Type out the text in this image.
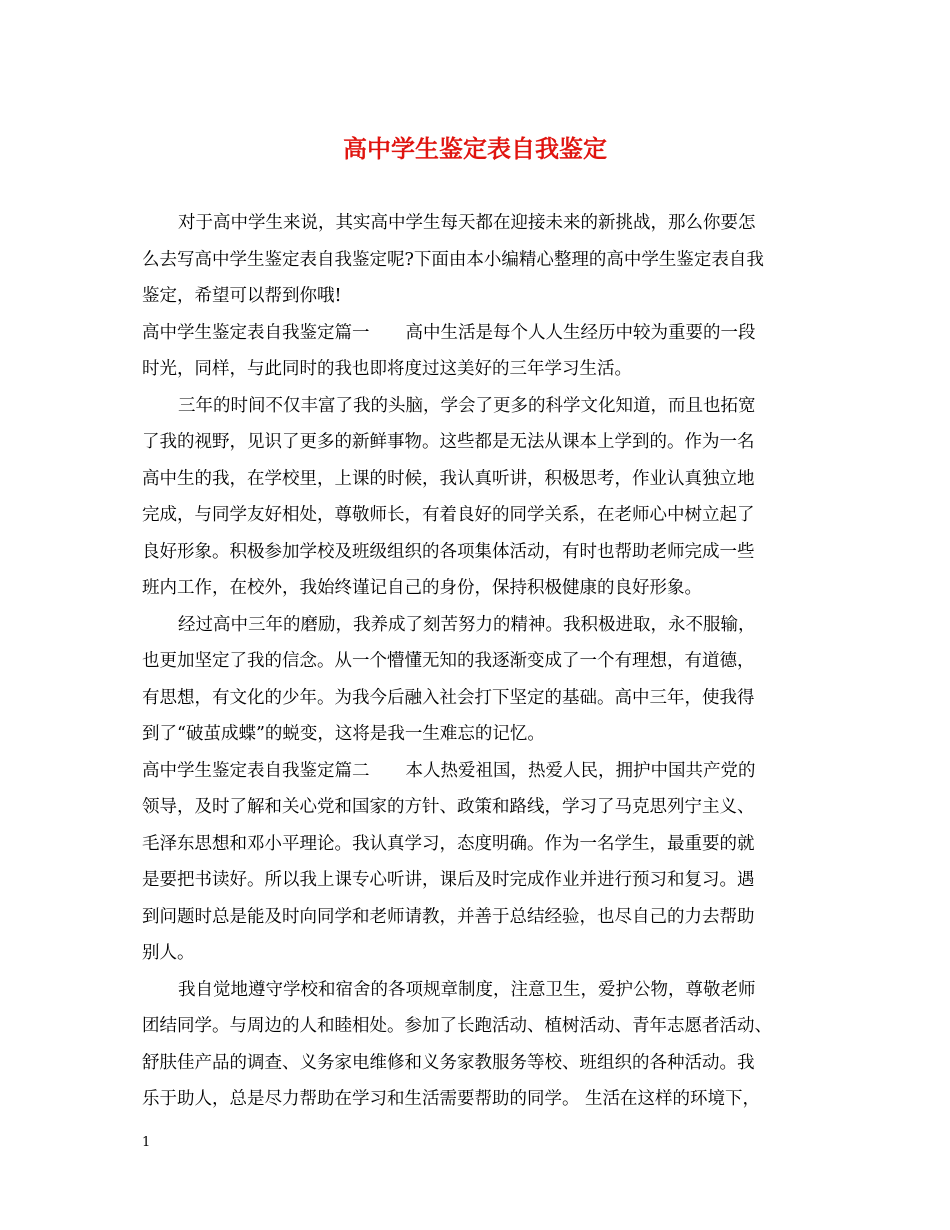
高中学生鉴定表自我鉴定
对于高中学生来说，其实高中学生每天都在迎接未来的新挑战，那么你要怎
么去写高中学生鉴定表自我鉴定呢?下面由本小编精心整理的高中学生鉴定表自我
鉴定，希望可以帮到你哦!
高中学生鉴定表自我鉴定篇一 高中生活是每个人人生经历中较为重要的一段
时光，同样，与此同时的我也即将度过这美好的三年学习生活。
三年的时间不仅丰富了我的头脑，学会了更多的科学文化知道，而且也拓宽
了我的视野，见识了更多的新鲜事物。这些都是无法从课本上学到的。作为一名
高中生的我，在学校里，上课的时候，我认真听讲，积极思考，作业认真独立地
完成，与同学友好相处，尊敬师长，有着良好的同学关系，在老师心中树立起了
良好形象。积极参加学校及班级组织的各项集体活动，有时也帮助老师完成一些
班内工作，在校外，我始终谨记自己的身份，保持积极健康的良好形象。
经过高中三年的磨励，我养成了刻苦努力的精神。我积极进取，永不服输，
也更加坚定了我的信念。从一个懵懂无知的我逐渐变成了一个有理想，有道德，
有思想，有文化的少年。为我今后融入社会打下坚定的基础。高中三年，使我得
到了“破茧成蝶”的蜕变，这将是我一生难忘的记忆。
高中学生鉴定表自我鉴定篇二 本人热爱祖国，热爱人民，拥护中国共产党的
领导，及时了解和关心党和国家的方针、政策和路线，学习了马克思列宁主义、
毛泽东思想和邓小平理论。我认真学习，态度明确。作为一名学生，最重要的就
是要把书读好。所以我上课专心听讲，课后及时完成作业并进行预习和复习。遇
到问题时总是能及时向同学和老师请教，并善于总结经验，也尽自己的力去帮助
别人。
我自觉地遵守学校和宿舍的各项规章制度，注意卫生，爱护公物，尊敬老师
团结同学。与周边的人和睦相处。参加了长跑活动、植树活动、青年志愿者活动、
舒肤佳产品的调查、义务家电维修和义务家教服务等校、班组织的各种活动。我
乐于助人，总是尽力帮助在学习和生活需要帮助的同学。 生活在这样的环境下，
1
